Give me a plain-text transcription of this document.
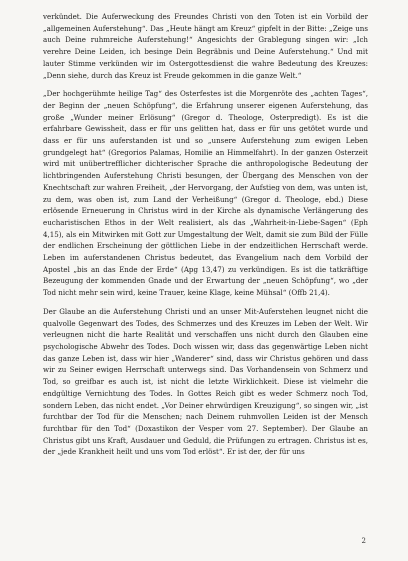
verkündet. Die Auferweckung des Freundes Christi von den Toten ist ein Vorbild der „allgemeinen Auferstehung“. Das „Heute hängt am Kreuz“ gipfelt in der Bitte: „Zeige uns auch Deine ruhmreiche Auferstehung!“ Angesichts der Grablegung singen wir: „Ich verehre Deine Leiden, ich besinge Dein Begräbnis und Deine Auferstehung.“ Und mit lauter Stimme verkünden wir im Ostergottesdienst die wahre Bedeutung des Kreuzes: „Denn siehe, durch das Kreuz ist Freude gekommen in die ganze Welt.“

„Der hochgerühmte heilige Tag“ des Osterfestes ist die Morgenröte des „achten Tages“, der Beginn der „neuen Schöpfung“, die Erfahrung unserer eigenen Auferstehung, das große „Wunder meiner Erlösung“ (Gregor d. Theologe, Osterpredigt). Es ist die erfahrbare Gewissheit, dass er für uns gelitten hat, dass er für uns getötet wurde und dass er für uns auferstanden ist und so „unsere Auferstehung zum ewigen Leben grundgelegt hat“ (Gregorios Palamas, Homilie an Himmelfahrt). In der ganzen Osterzeit wird mit unübertrefflicher dichterischer Sprache die anthropologische Bedeutung der lichtbringenden Auferstehung Christi besungen, der Übergang des Menschen von der Knechtschaft zur wahren Freiheit, „der Hervorgang, der Aufstieg von dem, was unten ist, zu dem, was oben ist, zum Land der Verheißung“ (Gregor d. Theologe, ebd.) Diese erlösende Erneuerung in Christus wird in der Kirche als dynamische Verlängerung des eucharistischen Ethos in der Welt realisiert, als das „Wahrheit-in-Liebe-Sagen“ (Eph 4,15), als ein Mitwirken mit Gott zur Umgestaltung der Welt, damit sie zum Bild der Fülle der endlichen Erscheinung der göttlichen Liebe in der endzeitlichen Herrschaft werde. Leben im auferstandenen Christus bedeutet, das Evangelium nach dem Vorbild der Apostel „bis an das Ende der Erde“ (Apg 13,47) zu verkündigen. Es ist die tatkräftige Bezeugung der kommenden Gnade und der Erwartung der „neuen Schöpfung“, wo „der Tod nicht mehr sein wird, keine Trauer, keine Klage, keine Mühsal“ (Offb 21,4).

Der Glaube an die Auferstehung Christi und an unser Mit-Auferstehen leugnet nicht die qualvolle Gegenwart des Todes, des Schmerzes und des Kreuzes im Leben der Welt. Wir verleugnen nicht die harte Realität und verschaffen uns nicht durch den Glauben eine psychologische Abwehr des Todes. Doch wissen wir, dass das gegenwärtige Leben nicht das ganze Leben ist, dass wir hier „Wanderer“ sind, dass wir Christus gehören und dass wir zu Seiner ewigen Herrschaft unterwegs sind. Das Vorhandensein von Schmerz und Tod, so greifbar es auch ist, ist nicht die letzte Wirklichkeit. Diese ist vielmehr die endgültige Vernichtung des Todes. In Gottes Reich gibt es weder Schmerz noch Tod, sondern Leben, das nicht endet. „Vor Deiner ehrwürdigen Kreuzigung“, so singen wir, „ist furchtbar der Tod für die Menschen; nach Deinem ruhmvollen Leiden ist der Mensch furchtbar für den Tod“ (Doxastikon der Vesper vom 27. September). Der Glaube an Christus gibt uns Kraft, Ausdauer und Geduld, die Prüfungen zu ertragen. Christus ist es, der „jede Krankheit heilt und uns vom Tod erlöst“. Er ist der, der für uns

2
